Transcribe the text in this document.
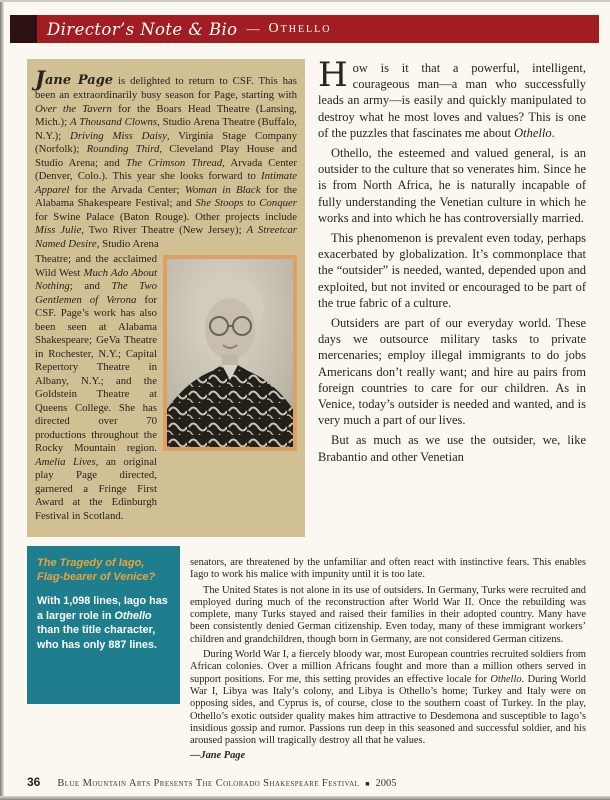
Director’s Note & Bio — Othello

Jane Page is delighted to return to CSF. This has been an extraordinarily busy season for Page, starting with Over the Tavern for the Boars Head Theatre (Lansing, Mich.); A Thousand Clowns, Studio Arena Theatre (Buffalo, N.Y.); Driving Miss Daisy, Virginia Stage Company (Norfolk); Rounding Third, Cleveland Play House and Studio Arena; and The Crimson Thread, Arvada Center (Denver, Colo.). This year she looks forward to Intimate Apparel for the Arvada Center; Woman in Black for the Alabama Shakespeare Festival; and She Stoops to Conquer for Swine Palace (Baton Rouge). Other projects include Miss Julie, Two River Theatre (New Jersey); A Streetcar Named Desire, Studio Arena

Theatre; and the acclaimed Wild West Much Ado About Nothing; and The Two Gentlemen of Verona for CSF. Page’s work has also been seen at Alabama Shakespeare; GeVa Theatre in Rochester, N.Y.; Capital Repertory Theatre in Albany, N.Y.; and the Goldstein Theatre at Queens College. She has directed over 70 productions throughout the Rocky Mountain region. Amelia Lives, an original play Page directed, garnered a Fringe First Award at the Edinburgh Festival in Scotland.

The Tragedy of Iago, Flag-bearer of Venice?

With 1,098 lines, Iago has a larger role in Othello than the title character, who has only 887 lines.

How is it that a powerful, intelligent, courageous man—a man who successfully leads an army—is easily and quickly manipulated to destroy what he most loves and values? This is one of the puzzles that fascinates me about Othello.

Othello, the esteemed and valued general, is an outsider to the culture that so venerates him. Since he is from North Africa, he is naturally incapable of fully understanding the Venetian culture in which he works and into which he has controversially married.

This phenomenon is prevalent even today, perhaps exacerbated by globalization. It’s commonplace that the “outsider” is needed, wanted, depended upon and exploited, but not invited or encouraged to be part of the true fabric of a culture.

Outsiders are part of our everyday world. These days we outsource military tasks to private mercenaries; employ illegal immigrants to do jobs Americans don’t really want; and hire au pairs from foreign countries to care for our children. As in Venice, today’s outsider is needed and wanted, and is very much a part of our lives.

But as much as we use the outsider, we, like Brabantio and other Venetian

senators, are threatened by the unfamiliar and often react with instinctive fears. This enables Iago to work his malice with impunity until it is too late.

The United States is not alone in its use of outsiders. In Germany, Turks were recruited and employed during much of the reconstruction after World War II. Once the rebuilding was complete, many Turks stayed and raised their families in their adopted country. Many have been consistently denied German citizenship. Even today, many of these immigrant workers’ children and grandchildren, though born in Germany, are not considered German citizens.

During World War I, a fiercely bloody war, most European countries recruited soldiers from African colonies. Over a million Africans fought and more than a million others served in support positions. For me, this setting provides an effective locale for Othello. During World War I, Libya was Italy’s colony, and Libya is Othello’s home; Turkey and Italy were on opposing sides, and Cyprus is, of course, close to the southern coast of Turkey. In the play, Othello’s exotic outsider quality makes him attractive to Desdemona and susceptible to Iago’s insidious gossip and rumor. Passions run deep in this seasoned and successful soldier, and his aroused passion will tragically destroy all that he values.

—Jane Page

36 Blue Mountain Arts Presents The Colorado Shakespeare Festival ■ 2005
